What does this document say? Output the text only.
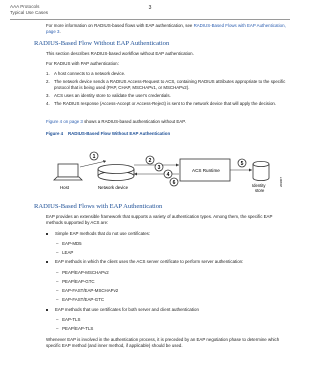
AAA Protocols
Typical Use Cases
For more information on RADIUS-based flows with EAP authentication, see RADIUS-Based Flows with EAP Authentication, page 3.
RADIUS-Based Flow Without EAP Authentication
This section describes RADIUS-based workflow without EAP authentication.
For RADIUS with PAP authentication:
1. A host connects to a network device.
2. The network device sends a RADIUS Access-Request to ACS, containing RADIUS attributes appropriate to the specific protocol that is being used (PAP, CHAP, MSCHAPv1, or MSCHAPv2).
3. ACS uses an identity store to validate the user's credentials.
4. The RADIUS response (Access-Accept or Access-Reject) is sent to the network device that will apply the decision.
Figure 4 on page 3 shows a RADIUS-based authentication without EAP.
Figure 4 RADIUS-Based Flow Without EAP Authentication
Host	Network device
ACS Runtime
Identity
store
209007
1
2
3
4
5
6
RADIUS-Based Flows with EAP Authentication
EAP provides an extensible framework that supports a variety of authentication types. Among them, the specific EAP methods supported by ACS are:
Simple EAP methods that do not use certificates:
–   EAP-MD5
–   LEAP
EAP methods in which the client uses the ACS server certificate to perform server authentication:
–   PEAP/EAP-MSCHAPv2
–   PEAP/EAP-GTC
–   EAP-FAST/EAP-MSCHAPv2
–   EAP-FAST/EAP-GTC
EAP methods that use certificates for both server and client authentication
–   EAP-TLS
–   PEAP/EAP-TLS
Whenever EAP is involved in the authentication process, it is preceded by an EAP negotiation phase to determine which specific EAP method (and inner method, if applicable) should be used.
3
